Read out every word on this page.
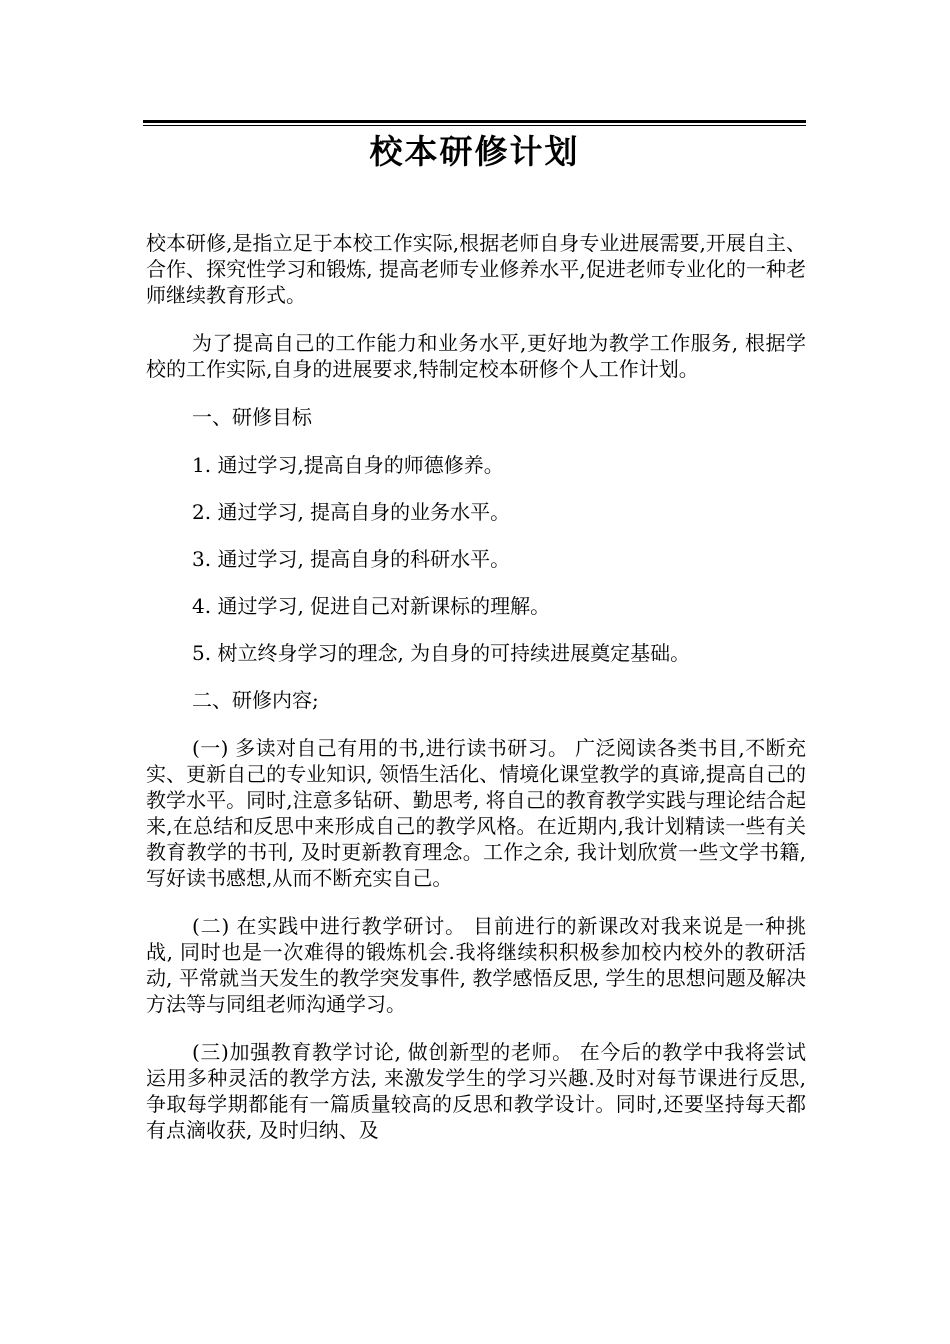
校本研修计划

校本研修,是指立足于本校工作实际,根据老师自身专业进展需要,开展自主、合作、探究性学习和锻炼, 提高老师专业修养水平,促进老师专业化的一种老师继续教育形式。

为了提高自己的工作能力和业务水平,更好地为教学工作服务, 根据学校的工作实际,自身的进展要求,特制定校本研修个人工作计划。

一、研修目标

1. 通过学习,提高自身的师德修养。

2. 通过学习, 提高自身的业务水平。

3. 通过学习, 提高自身的科研水平。

4. 通过学习, 促进自己对新课标的理解。

5. 树立终身学习的理念, 为自身的可持续进展奠定基础。

二、研修内容;

(一) 多读对自己有用的书,进行读书研习。 广泛阅读各类书目,不断充实、更新自己的专业知识, 领悟生活化、情境化课堂教学的真谛,提高自己的教学水平。同时,注意多钻研、勤思考, 将自己的教育教学实践与理论结合起来,在总结和反思中来形成自己的教学风格。在近期内,我计划精读一些有关教育教学的书刊, 及时更新教育理念。工作之余, 我计划欣赏一些文学书籍, 写好读书感想,从而不断充实自己。

(二) 在实践中进行教学研讨。 目前进行的新课改对我来说是一种挑战, 同时也是一次难得的锻炼机会.我将继续积积极参加校内校外的教研活动, 平常就当天发生的教学突发事件, 教学感悟反思, 学生的思想问题及解决方法等与同组老师沟通学习。

(三)加强教育教学讨论, 做创新型的老师。 在今后的教学中我将尝试运用多种灵活的教学方法, 来激发学生的学习兴趣.及时对每节课进行反思,争取每学期都能有一篇质量较高的反思和教学设计。同时,还要坚持每天都有点滴收获, 及时归纳、及
